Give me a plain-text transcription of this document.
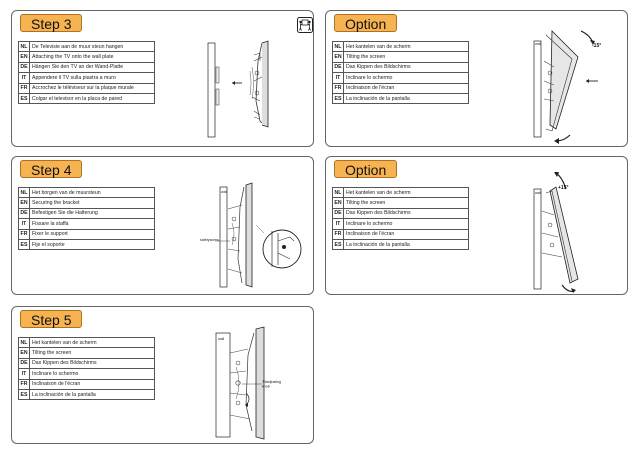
Step 3
NL	De Televisie aan de muur steun hangen
EN	Attaching the TV onto the wall plate
DE	Hängen Sie den TV an der Wand-Platte
IT	Appendere il TV sulla piastra a muro
FR	Accrochez le téléviseur sur la plaque murale
ES	Colgar el televisor en la placa de pared
Option
NL	Het kantelen van de scherm
EN	Tilting the screen
DE	Das Kippen des Bildschirms
IT	Inclinare lo schermo
FR	Inclinaison de l'écran
ES	La inclinación de la pantalla
wall	-15°
Step 4
NL	Het borgen van de muursteun
EN	Securing the bracket
DE	Befestigen Sie die Halterung
IT	Fissare la staffa
FR	Fixer le support
ES	Fije el soporte
wall
safetyscrew
Option
NL	Het kantelen van de scherm
EN	Tilting the screen
DE	Das Kippen des Bildschirms
IT	Inclinare lo schermo
FR	Inclinaison de l'écran
ES	La inclinación de la pantalla
wall
+15°
Step 5
NL	Het kantelen van de scherm
EN	Tilting the screen
DE	Das Kippen des Bildschirms
IT	Inclinare lo schermo
FR	Inclinaison de l'écran
ES	La inclinación de la pantalla
wall
Tiltadjusting
knob
